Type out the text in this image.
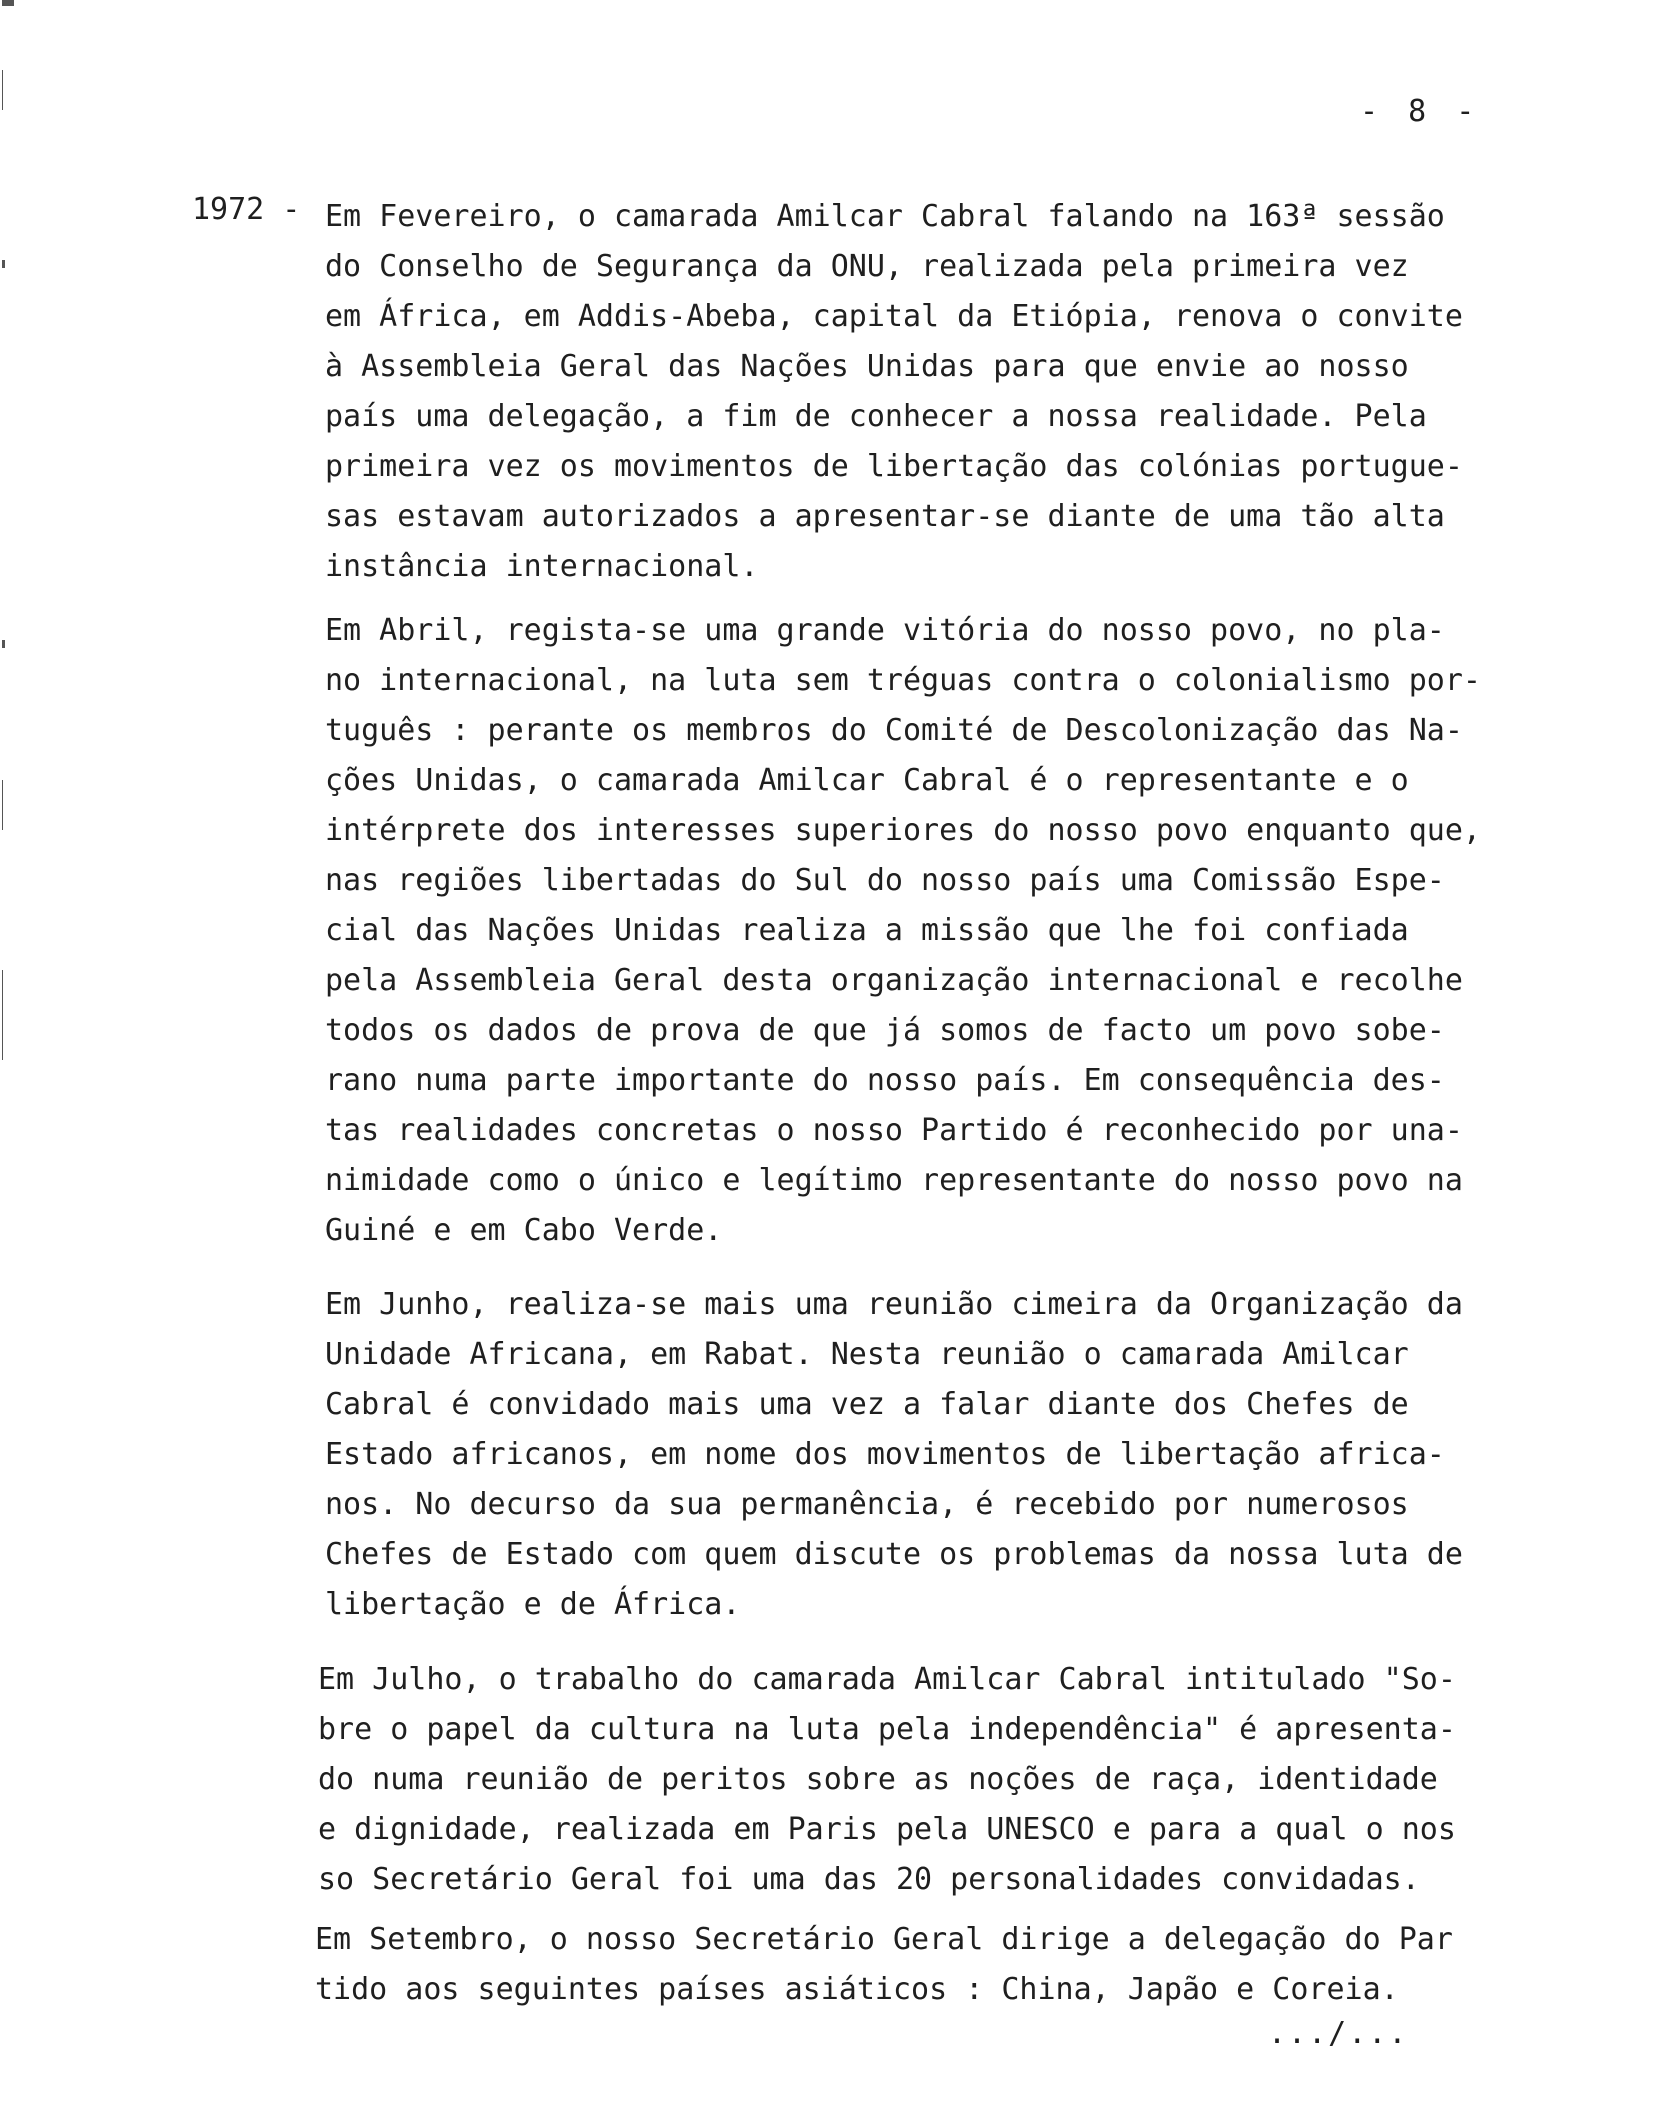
- 8 -
1972 - Em Fevereiro, o camarada Amilcar Cabral falando na 163ª sessão
do Conselho de Segurança da ONU, realizada pela primeira vez
em África, em Addis-Abeba, capital da Etiópia, renova o convite
à Assembleia Geral das Nações Unidas para que envie ao nosso
país uma delegação, a fim de conhecer a nossa realidade. Pela
primeira vez os movimentos de libertação das colónias portugue-
sas estavam autorizados a apresentar-se diante de uma tão alta
instância internacional.
Em Abril, regista-se uma grande vitória do nosso povo, no pla-
no internacional, na luta sem tréguas contra o colonialismo por-
tuguês : perante os membros do Comité de Descolonização das Na-
ções Unidas, o camarada Amilcar Cabral é o representante e o
intérprete dos interesses superiores do nosso povo enquanto que,
nas regiões libertadas do Sul do nosso país uma Comissão Espe-
cial das Nações Unidas realiza a missão que lhe foi confiada
pela Assembleia Geral desta organização internacional e recolhe
todos os dados de prova de que já somos de facto um povo sobe-
rano numa parte importante do nosso país. Em consequência des-
tas realidades concretas o nosso Partido é reconhecido por una-
nimidade como o único e legítimo representante do nosso povo na
Guiné e em Cabo Verde.
Em Junho, realiza-se mais uma reunião cimeira da Organização da
Unidade Africana, em Rabat. Nesta reunião o camarada Amilcar
Cabral é convidado mais uma vez a falar diante dos Chefes de
Estado africanos, em nome dos movimentos de libertação africa-
nos. No decurso da sua permanência, é recebido por numerosos
Chefes de Estado com quem discute os problemas da nossa luta de
libertação e de África.
Em Julho, o trabalho do camarada Amilcar Cabral intitulado "So-
bre o papel da cultura na luta pela independência" é apresenta-
do numa reunião de peritos sobre as noções de raça, identidade
e dignidade, realizada em Paris pela UNESCO e para a qual o nos
so Secretário Geral foi uma das 20 personalidades convidadas.
Em Setembro, o nosso Secretário Geral dirige a delegação do Par
tido aos seguintes países asiáticos : China, Japão e Coreia.
.../...
